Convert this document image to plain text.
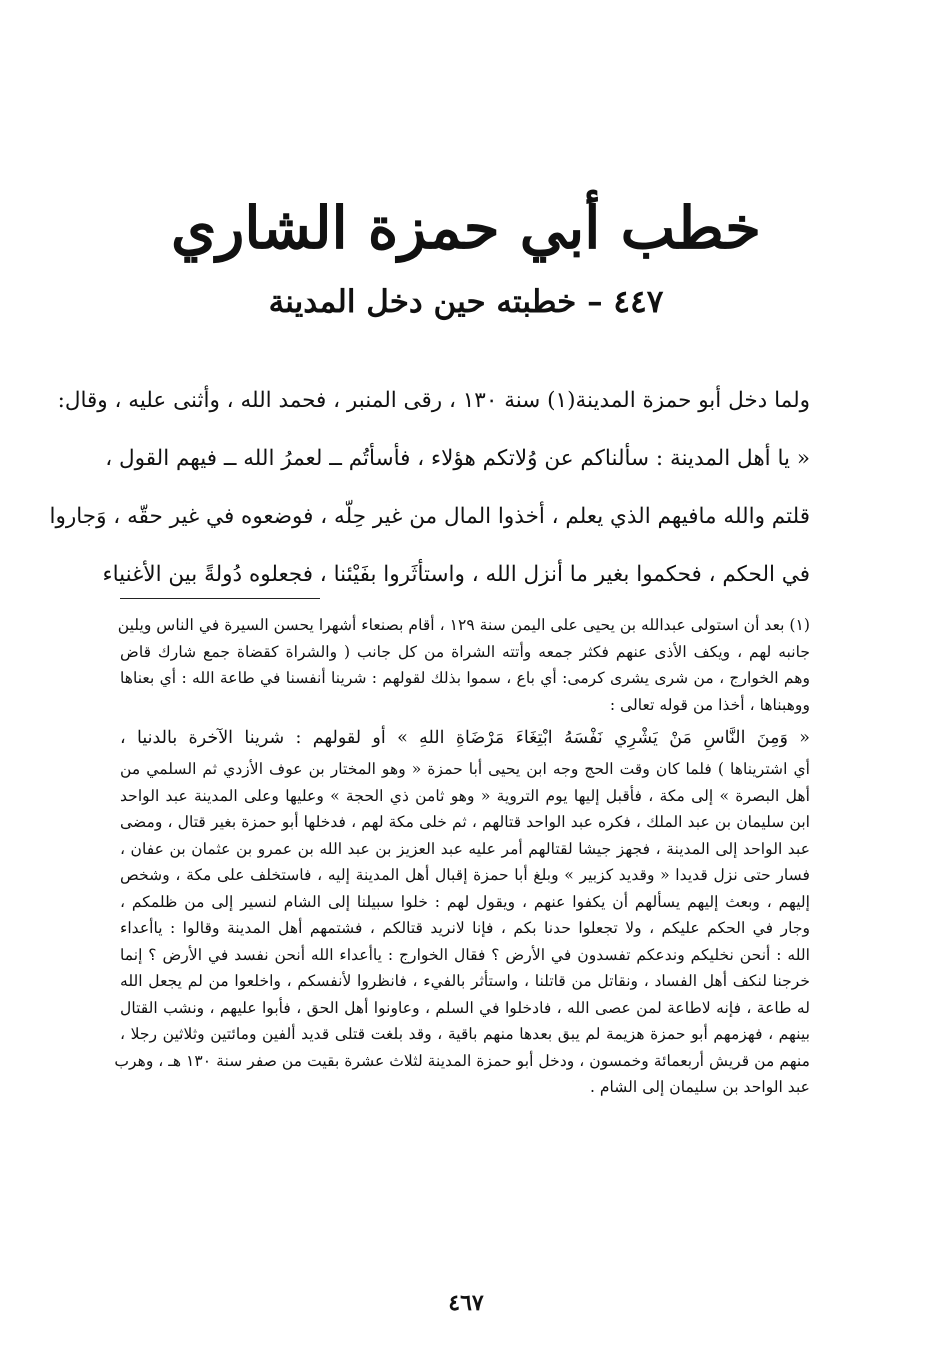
خطب أبي حمزة الشاري
٤٤٧ – خطبته حين دخل المدينة
ولما دخل أبو حمزة المدينة(١) سنة ١٣٠ ، رقى المنبر ، فحمد الله ، وأثنى عليه ، وقال:
« يا أهل المدينة : سألناكم عن وُلاتكم هؤلاء ، فأسأتُم ــ لعمرُ الله ــ فيهم القول ،
قلتم والله مافيهم الذي يعلم ، أخذوا المال من غير حِلّه ، فوضعوه في غير حقّه ، وَجاروا
في الحكم ، فحكموا بغير ما أنزل الله ، واستأثَروا بفَيْئنا ، فجعلوه دُولةً بين الأغنياء
(١) بعد أن استولى عبدالله بن يحيى على اليمن سنة ١٢٩ ، أقام بصنعاء أشهرا يحسن السيرة في الناس ويلين
جانبه لهم ، ويكف الأذى عنهم فكثر جمعه وأتته الشراة من كل جانب ( والشراة كقضاة جمع شارك قاض
وهم الخوارج ، من شرى يشرى كرمى: أي باع ، سموا بذلك لقولهم : شرينا أنفسنا في طاعة الله : أي بعناها
ووهبناها ، أخذا من قوله تعالى :
« وَمِنَ النَّاسِ مَنْ يَشْرِي نَفْسَهُ ابْتِغَاءَ مَرْضَاةِ اللهِ » أو لقولهم : شرينا الآخرة بالدنيا ،
أي اشتريناها ) فلما كان وقت الحج وجه ابن يحيى أبا حمزة « وهو المختار بن عوف الأزدي ثم السلمي من
أهل البصرة » إلى مكة ، فأقبل إليها يوم التروية « وهو ثامن ذي الحجة » وعليها وعلى المدينة عبد الواحد
ابن سليمان بن عبد الملك ، فكره عبد الواحد قتالهم ، ثم خلى مكة لهم ، فدخلها أبو حمزة بغير قتال ، ومضى
عبد الواحد إلى المدينة ، فجهز جيشا لقتالهم أمر عليه عبد العزيز بن عبد الله بن عمرو بن عثمان بن عفان ،
فسار حتى نزل قديدا « وقديد كزبير » وبلغ أبا حمزة إقبال أهل المدينة إليه ، فاستخلف على مكة ، وشخص
إليهم ، وبعث إليهم يسألهم أن يكفوا عنهم ، ويقول لهم : خلوا سبيلنا إلى الشام لنسير إلى من ظلمكم ،
وجار في الحكم عليكم ، ولا تجعلوا حدنا بكم ، فإنا لانريد قتالكم ، فشتمهم أهل المدينة وقالوا : ياأعداء
الله : أنحن نخليكم وندعكم تفسدون في الأرض ؟ فقال الخوارج : ياأعداء الله أنحن نفسد في الأرض ؟ إنما
خرجنا لنكف أهل الفساد ، ونقاتل من قاتلنا ، واستأثر بالفيء ، فانظروا لأنفسكم ، واخلعوا من لم يجعل الله
له طاعة ، فإنه لاطاعة لمن عصى الله ، فادخلوا في السلم ، وعاونوا أهل الحق ، فأبوا عليهم ، ونشب القتال
بينهم ، فهزمهم أبو حمزة هزيمة لم يبق بعدها منهم باقية ، وقد بلغت قتلى قديد ألفين ومائتين وثلاثين رجلا ،
منهم من قريش أربعمائة وخمسون ، ودخل أبو حمزة المدينة لثلاث عشرة بقيت من صفر سنة ١٣٠ هـ ، وهرب
عبد الواحد بن سليمان إلى الشام .
٤٦٧
